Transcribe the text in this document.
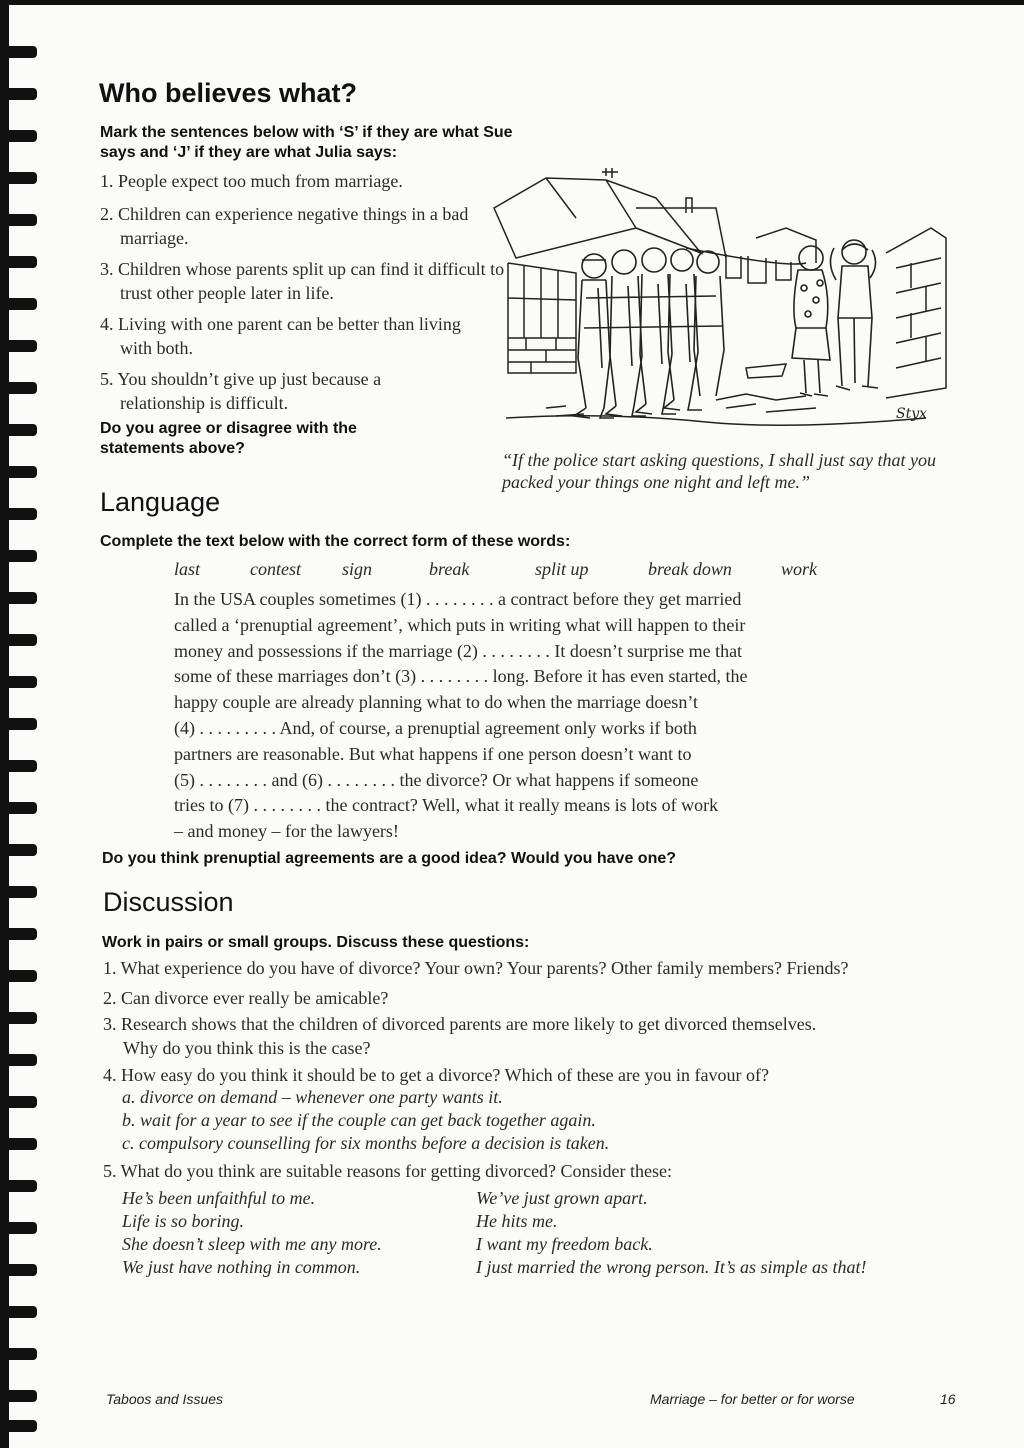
Who believes what?
Mark the sentences below with ‘S’ if they are what Sue says and ‘J’ if they are what Julia says:
1. People expect too much from marriage.
2. Children can experience negative things in a bad marriage.
3. Children whose parents split up can find it difficult to trust other people later in life.
4. Living with one parent can be better than living with both.
5. You shouldn’t give up just because a relationship is difficult.
Do you agree or disagree with the statements above?
Styx
“If the police start asking questions, I shall just say that you packed your things one night and left me.”
Language
Complete the text below with the correct form of these words:
last	contest sign	break	split up	break down	work
In the USA couples sometimes (1) . . . . . . . . a contract before they get married
called a ‘prenuptial agreement’, which puts in writing what will happen to their
money and possessions if the marriage (2) . . . . . . . . It doesn’t surprise me that
some of these marriages don’t (3) . . . . . . . . long. Before it has even started, the
happy couple are already planning what to do when the marriage doesn’t
(4) . . . . . . . . . And, of course, a prenuptial agreement only works if both
partners are reasonable. But what happens if one person doesn’t want to
(5) . . . . . . . . and (6) . . . . . . . . the divorce? Or what happens if someone
tries to (7) . . . . . . . . the contract? Well, what it really means is lots of work
– and money – for the lawyers!
Do you think prenuptial agreements are a good idea? Would you have one?
Discussion
Work in pairs or small groups. Discuss these questions:
1. What experience do you have of divorce? Your own? Your parents? Other family members? Friends?
2. Can divorce ever really be amicable?
3. Research shows that the children of divorced parents are more likely to get divorced themselves.
Why do you think this is the case?
4. How easy do you think it should be to get a divorce? Which of these are you in favour of?
a. divorce on demand – whenever one party wants it.
b. wait for a year to see if the couple can get back together again.
c. compulsory counselling for six months before a decision is taken.
5. What do you think are suitable reasons for getting divorced? Consider these:
He’s been unfaithful to me.
Life is so boring.
She doesn’t sleep with me any more.
We just have nothing in common.
We’ve just grown apart.
He hits me.
I want my freedom back.
I just married the wrong person. It’s as simple as that!
Taboos and Issues	Marriage – for better or for worse	16
